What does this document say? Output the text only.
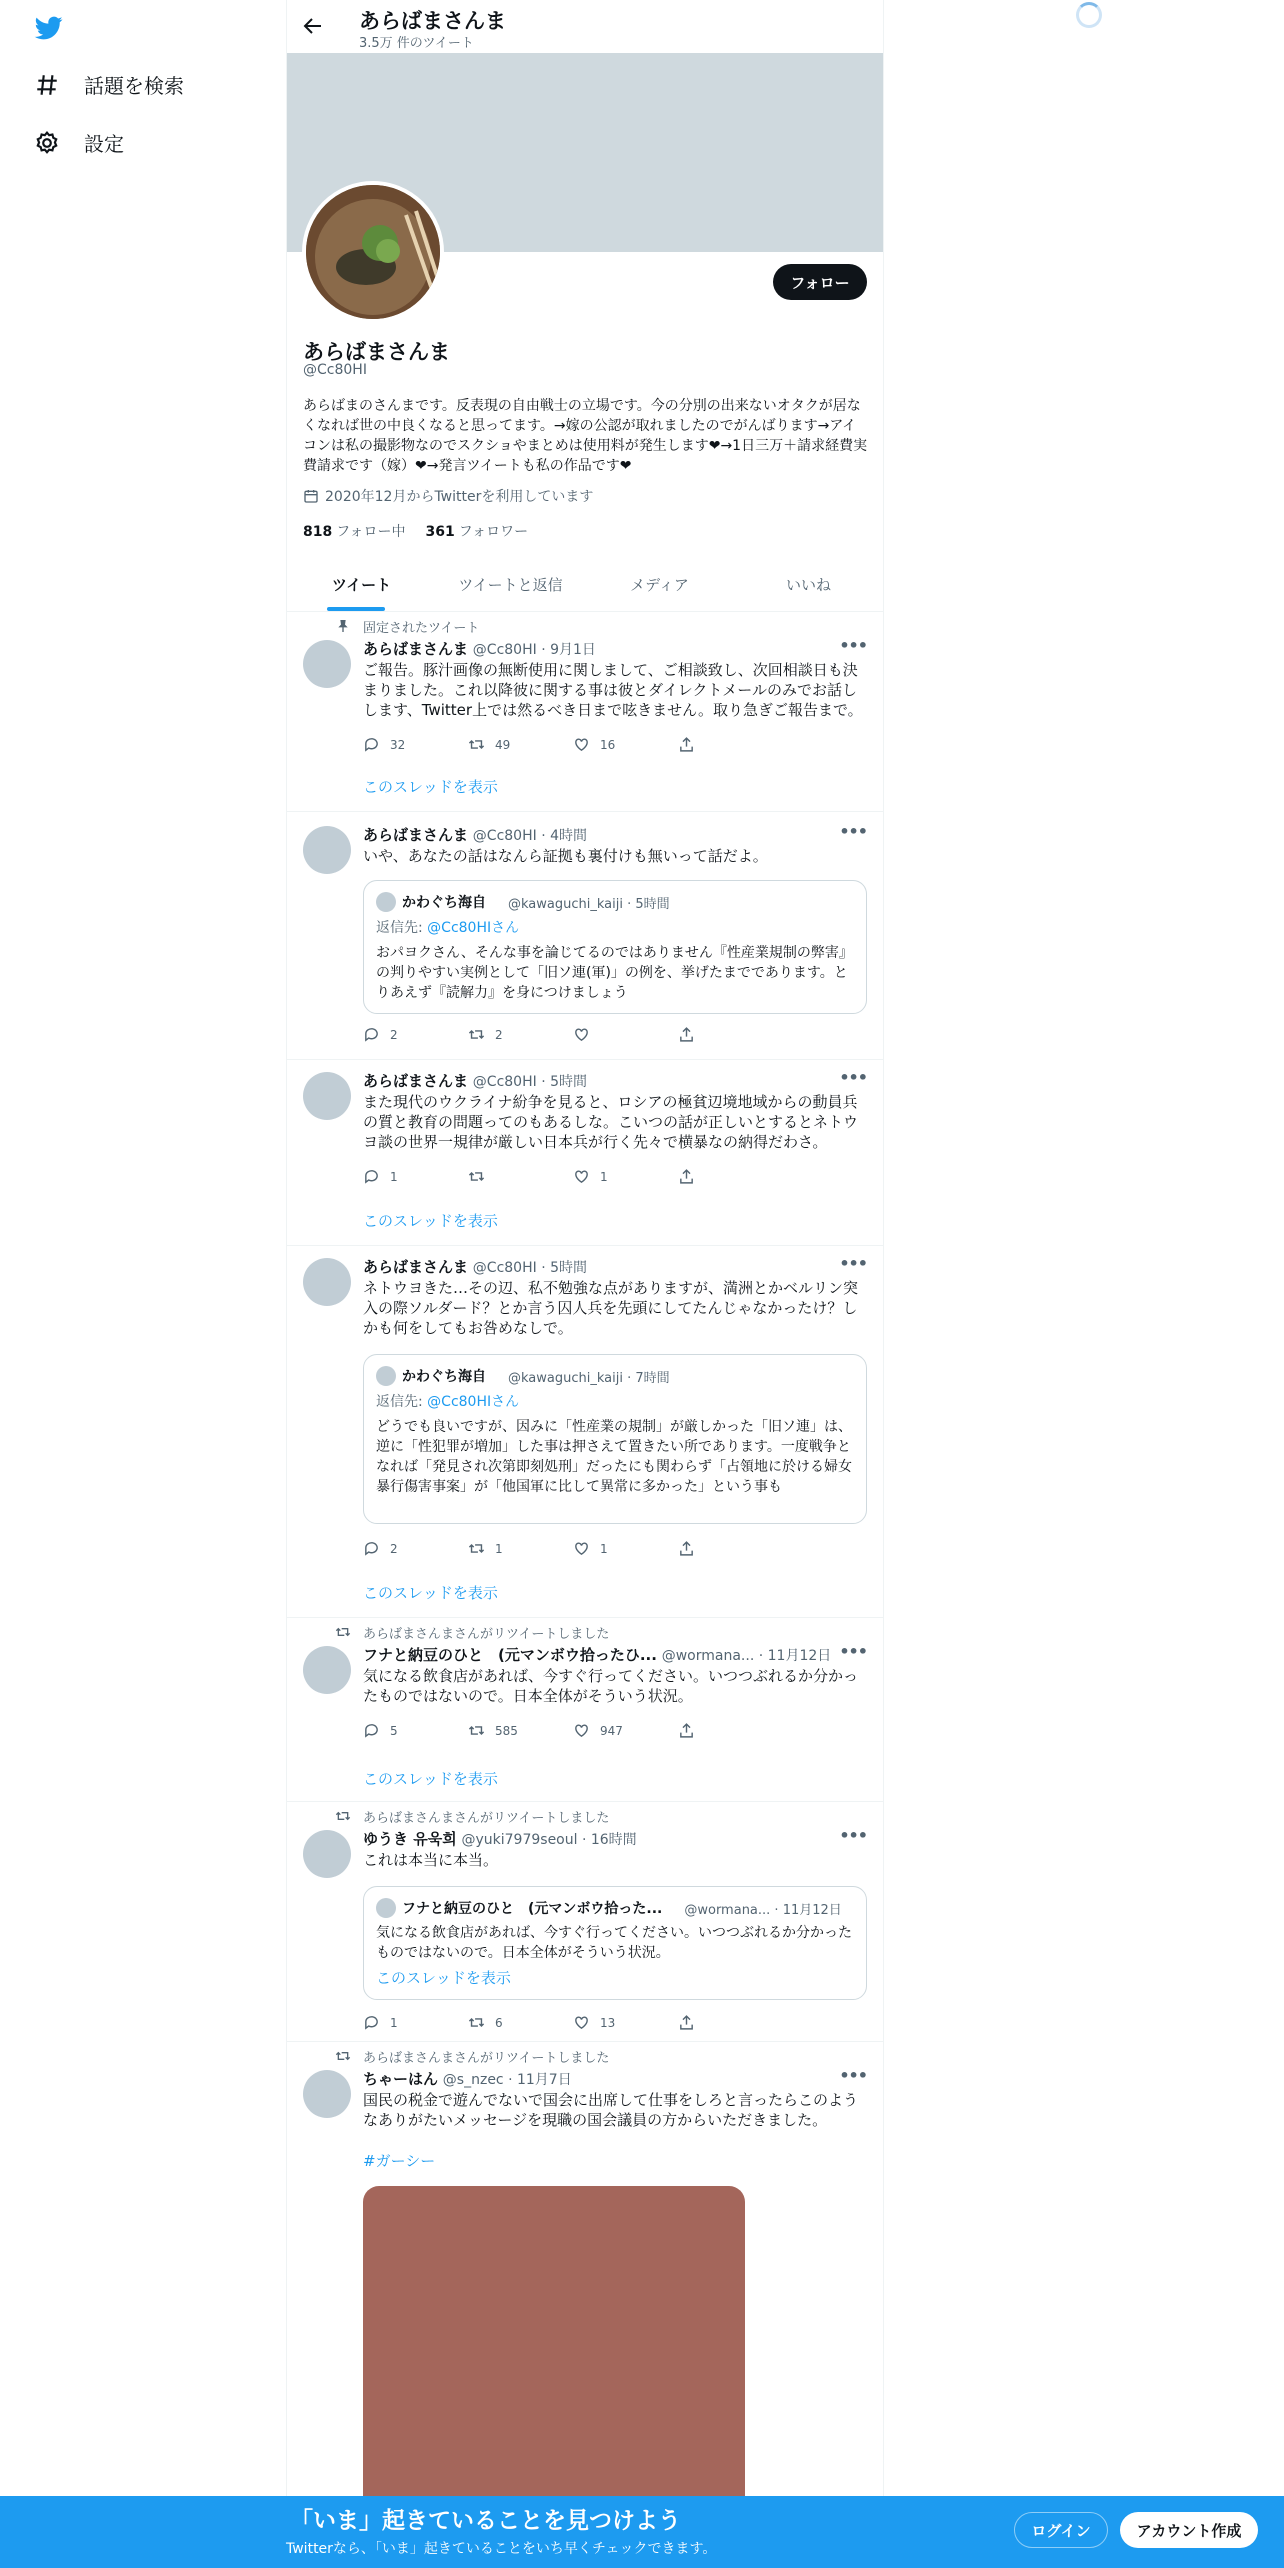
話題を検索
設定
あらばまさんま
3.5万 件のツイート
フォロー
あらばまさんま
@Cc80HI
あらばまのさんまです。反表現の自由戦士の立場です。今の分別の出来ないオタクが居なくなれば世の中良くなると思ってます。→嫁の公認が取れましたのでがんばります→アイコンは私の撮影物なのでスクショやまとめは使用料が発生します❤→1日三万＋請求経費実費請求です（嫁）❤→発言ツイートも私の作品です❤
2020年12月からTwitterを利用しています
818 フォロー中 361 フォロワー
ツイート	ツイートと返信	メディア	いいね
固定されたツイート
あらばまさんま @Cc80HI · 9月1日	•••
ご報告。豚汁画像の無断使用に関しまして、ご相談致し、次回相談日も決まりました。これ以降彼に関する事は彼とダイレクトメールのみでお話しします、Twitter上では然るべき日まで呟きません。取り急ぎご報告まで。
32	49	16
このスレッドを表示
あらばまさんま @Cc80HI · 4時間	•••
いや、あなたの話はなんら証拠も裏付けも無いって話だよ。
かわぐち海自 @kawaguchi_kaiji · 5時間
返信先: @Cc80HIさん
おパヨクさん、そんな事を論じてるのではありません『性産業規制の弊害』の判りやすい実例として「旧ソ連(軍)」の例を、挙げたまでであります。とりあえず『読解力』を身につけましょう
2	2
あらばまさんま @Cc80HI · 5時間	•••
また現代のウクライナ紛争を見ると、ロシアの極貧辺境地域からの動員兵の質と教育の問題ってのもあるしな。こいつの話が正しいとするとネトウヨ談の世界一規律が厳しい日本兵が行く先々で横暴なの納得だわさ。
1	1
このスレッドを表示
あらばまさんま @Cc80HI · 5時間	•••
ネトウヨきた…その辺、私不勉強な点がありますが、満洲とかベルリン突入の際ソルダード？とか言う囚人兵を先頭にしてたんじゃなかったけ？しかも何をしてもお咎めなしで。
かわぐち海自 @kawaguchi_kaiji · 7時間
返信先: @Cc80HIさん
どうでも良いですが、因みに「性産業の規制」が厳しかった「旧ソ連」は、逆に「性犯罪が増加」した事は押さえて置きたい所であります。一度戦争となれば「発見され次第即刻処刑」だったにも関わらず「占領地に於ける婦女暴行傷害事案」が「他国軍に比して異常に多かった」という事も
2	1	1
このスレッドを表示
あらばまさんまさんがリツイートしました
フナと納豆のひと　(元マンボウ拾ったひ... @wormana... · 11月12日 •••
気になる飲食店があれば、今すぐ行ってください。いつつぶれるか分かったものではないので。日本全体がそういう状況。
5	585	947
このスレッドを表示
あらばまさんまさんがリツイートしました
ゆうき 유욱희 @yuki7979seoul · 16時間	•••
これは本当に本当。
フナと納豆のひと　(元マンボウ拾った... @wormana... · 11月12日
気になる飲食店があれば、今すぐ行ってください。いつつぶれるか分かったものではないので。日本全体がそういう状況。
このスレッドを表示
1	6	13
あらばまさんまさんがリツイートしました
ちゃーはん @s_nzec · 11月7日	•••
国民の税金で遊んでないで国会に出席して仕事をしろと言ったらこのようなありがたいメッセージを現職の国会議員の方からいただきました。
#ガーシー
「いま」起きていることを見つけよう
Twitterなら、「いま」起きていることをいち早くチェックできます。
ログイン	アカウント作成
